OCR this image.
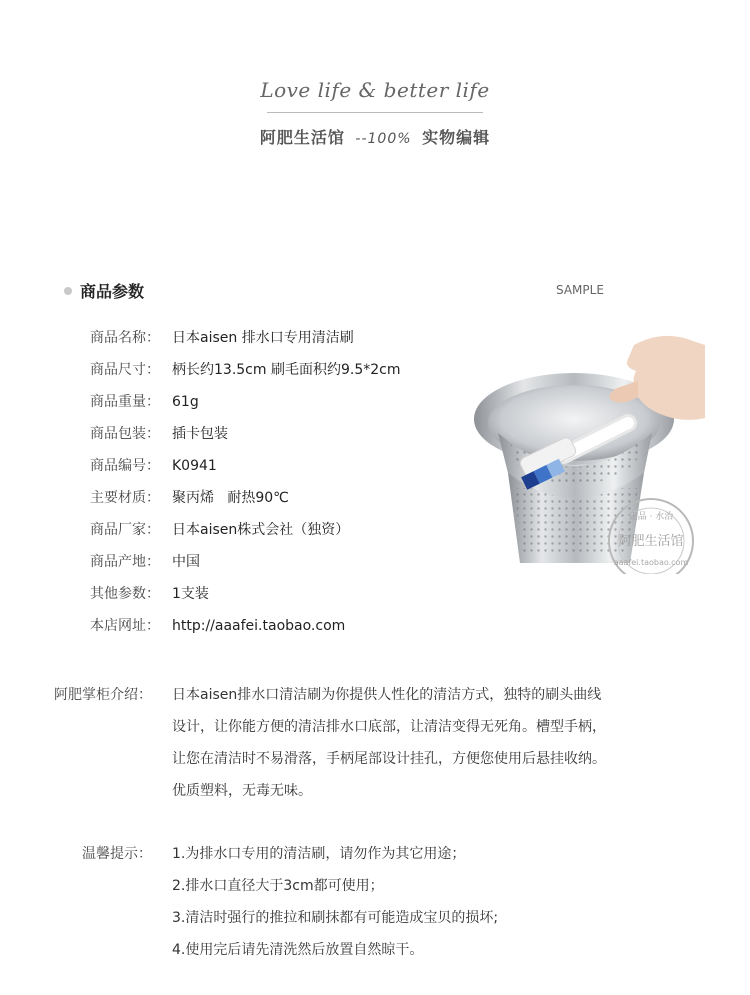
Love life & better life
阿肥生活馆 --100% 实物编辑
商品参数	SAMPLE
商品名称： 日本aisen 排水口专用清洁刷
商品尺寸： 柄长约13.5cm 刷毛面积约9.5*2cm
商品重量： 61g
商品包装： 插卡包装
商品编号： K0941
主要材质： 聚丙烯   耐热90℃
商品厂家： 日本aisen株式会社（独资）
商品产地： 中国
其他参数： 1支装
本店网址： http://aaafei.taobao.com
正品 · 水治
阿肥生活馆
aaafei.taobao.com
阿肥掌柜介绍：	日本aisen排水口清洁刷为你提供人性化的清洁方式，独特的刷头曲线
设计，让你能方便的清洁排水口底部，让清洁变得无死角。槽型手柄，
让您在清洁时不易滑落，手柄尾部设计挂孔，方便您使用后悬挂收纳。
优质塑料，无毒无味。
温馨提示：	1.为排水口专用的清洁刷，请勿作为其它用途；
2.排水口直径大于3cm都可使用；
3.清洁时强行的推拉和刷抹都有可能造成宝贝的损坏;
4.使用完后请先清洗然后放置自然晾干。
